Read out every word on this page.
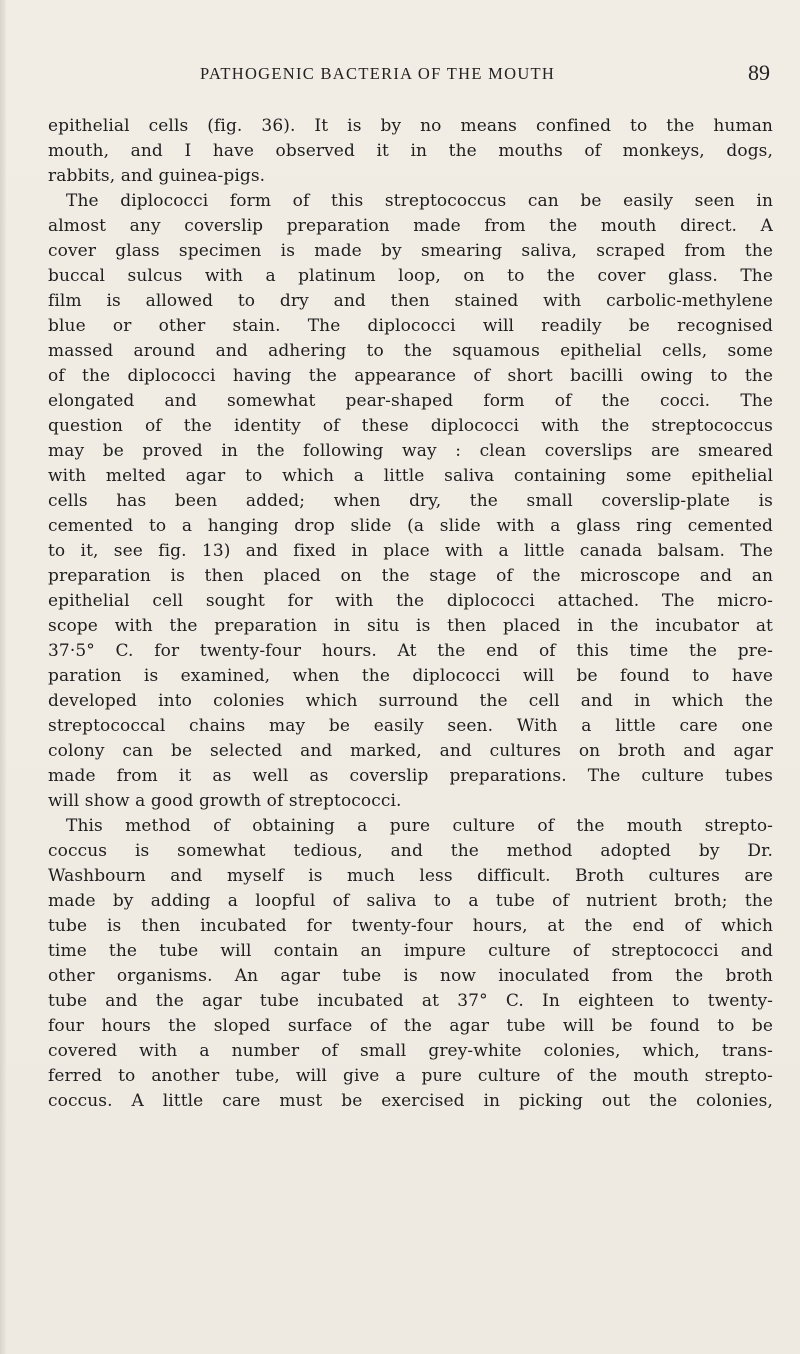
PATHOGENIC BACTERIA OF THE MOUTH	89
epithelial cells (fig. 36). It is by no means confined to the human
mouth, and I have observed it in the mouths of monkeys, dogs,
rabbits, and guinea-pigs.
The diplococci form of this streptococcus can be easily seen in
almost any coverslip preparation made from the mouth direct. A
cover glass specimen is made by smearing saliva, scraped from the
buccal sulcus with a platinum loop, on to the cover glass. The
film is allowed to dry and then stained with carbolic-methylene
blue or other stain. The diplococci will readily be recognised
massed around and adhering to the squamous epithelial cells, some
of the diplococci having the appearance of short bacilli owing to the
elongated and somewhat pear-shaped form of the cocci. The
question of the identity of these diplococci with the streptococcus
may be proved in the following way : clean coverslips are smeared
with melted agar to which a little saliva containing some epithelial
cells has been added; when dry, the small coverslip-plate is
cemented to a hanging drop slide (a slide with a glass ring cemented
to it, see fig. 13) and fixed in place with a little canada balsam. The
preparation is then placed on the stage of the microscope and an
epithelial cell sought for with the diplococci attached. The micro-
scope with the preparation in situ is then placed in the incubator at
37·5° C. for twenty-four hours. At the end of this time the pre-
paration is examined, when the diplococci will be found to have
developed into colonies which surround the cell and in which the
streptococcal chains may be easily seen. With a little care one
colony can be selected and marked, and cultures on broth and agar
made from it as well as coverslip preparations. The culture tubes
will show a good growth of streptococci.
This method of obtaining a pure culture of the mouth strepto-
coccus is somewhat tedious, and the method adopted by Dr.
Washbourn and myself is much less difficult. Broth cultures are
made by adding a loopful of saliva to a tube of nutrient broth; the
tube is then incubated for twenty-four hours, at the end of which
time the tube will contain an impure culture of streptococci and
other organisms. An agar tube is now inoculated from the broth
tube and the agar tube incubated at 37° C. In eighteen to twenty-
four hours the sloped surface of the agar tube will be found to be
covered with a number of small grey-white colonies, which, trans-
ferred to another tube, will give a pure culture of the mouth strepto-
coccus. A little care must be exercised in picking out the colonies,
